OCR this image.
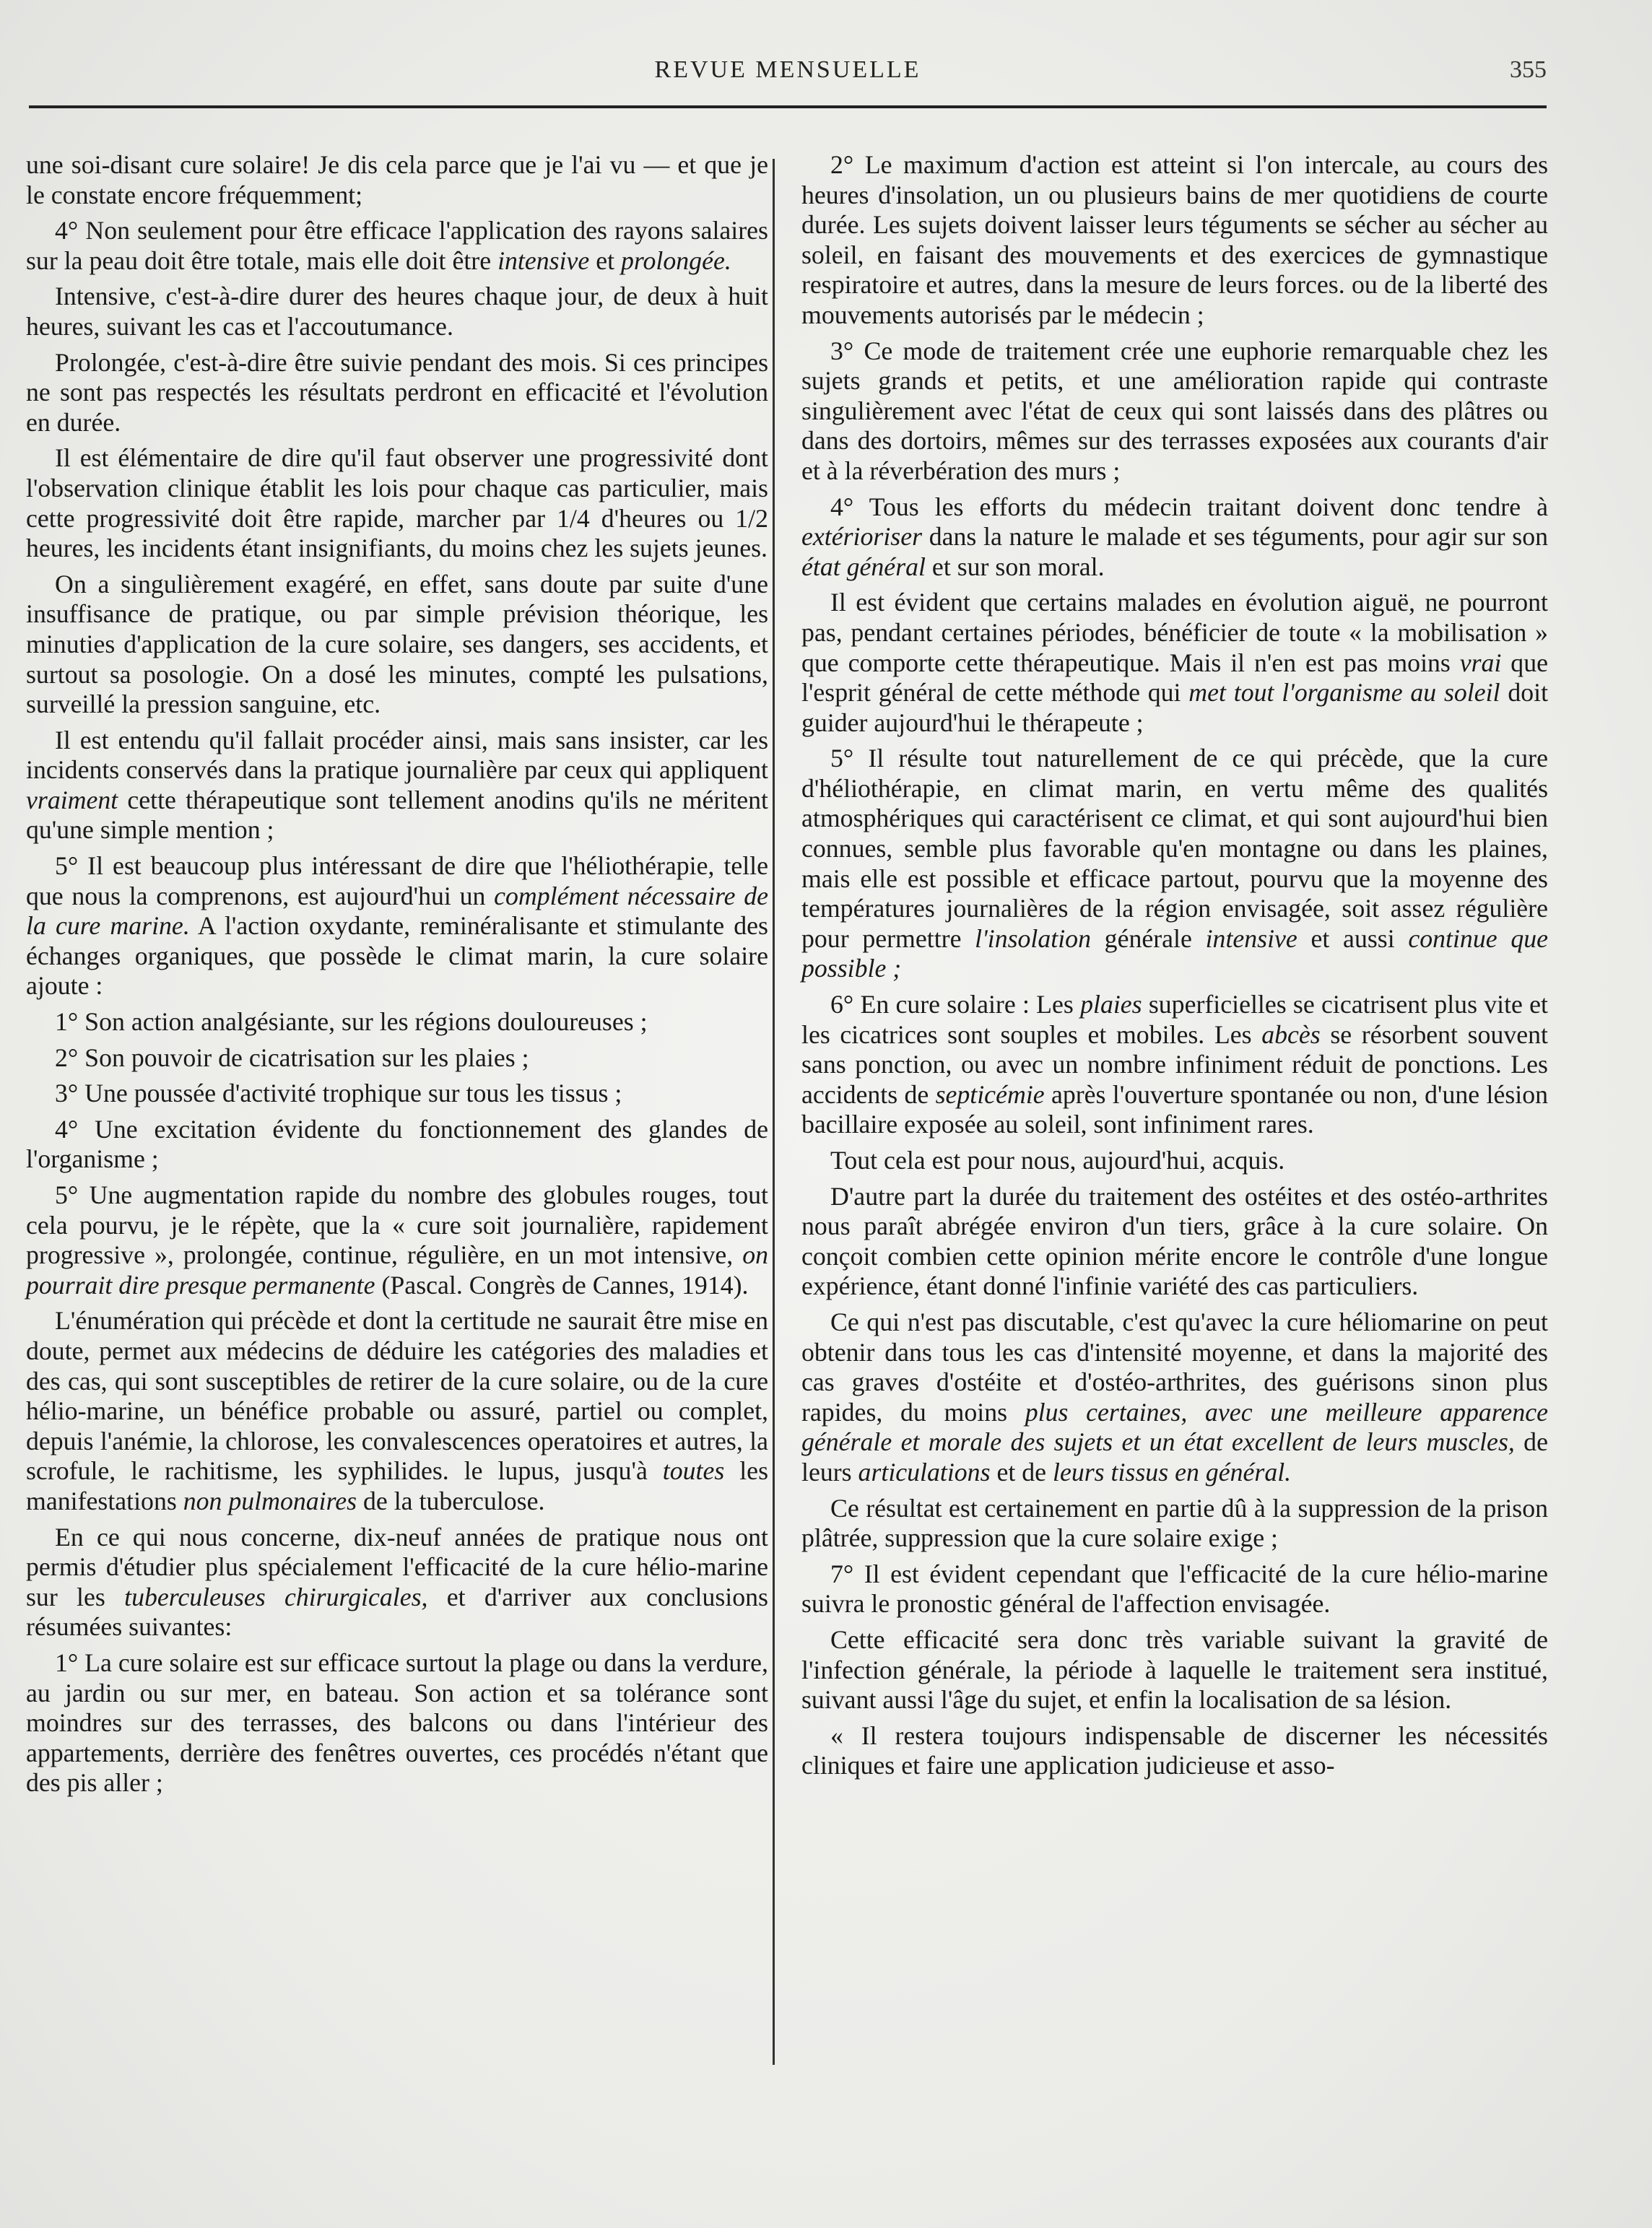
REVUE MENSUELLE	355

une soi-disant cure solaire! Je dis cela parce que je l'ai vu — et que je le constate encore fréquemment;

4° Non seulement pour être efficace l'application des rayons salaires sur la peau doit être totale, mais elle doit être intensive et prolongée.

Intensive, c'est-à-dire durer des heures chaque jour, de deux à huit heures, suivant les cas et l'accoutumance.

Prolongée, c'est-à-dire être suivie pendant des mois. Si ces principes ne sont pas respectés les résultats perdront en efficacité et l'évolution en durée.

Il est élémentaire de dire qu'il faut observer une progressivité dont l'observation clinique établit les lois pour chaque cas particulier, mais cette progressivité doit être rapide, marcher par 1/4 d'heures ou 1/2 heures, les incidents étant insignifiants, du moins chez les sujets jeunes.

On a singulièrement exagéré, en effet, sans doute par suite d'une insuffisance de pratique, ou par simple prévision théorique, les minuties d'application de la cure solaire, ses dangers, ses accidents, et surtout sa posologie. On a dosé les minutes, compté les pulsations, surveillé la pression sanguine, etc.

Il est entendu qu'il fallait procéder ainsi, mais sans insister, car les incidents conservés dans la pratique journalière par ceux qui appliquent vraiment cette thérapeutique sont tellement anodins qu'ils ne méritent qu'une simple mention ;

5° Il est beaucoup plus intéressant de dire que l'héliothérapie, telle que nous la comprenons, est aujourd'hui un complément nécessaire de la cure marine. A l'action oxydante, reminéralisante et stimulante des échanges organiques, que possède le climat marin, la cure solaire ajoute :

1° Son action analgésiante, sur les régions douloureuses ;

2° Son pouvoir de cicatrisation sur les plaies ;

3° Une poussée d'activité trophique sur tous les tissus ;

4° Une excitation évidente du fonctionnement des glandes de l'organisme ;

5° Une augmentation rapide du nombre des globules rouges, tout cela pourvu, je le répète, que la « cure soit journalière, rapidement progressive », prolongée, continue, régulière, en un mot intensive, on pourrait dire presque permanente (Pascal. Congrès de Cannes, 1914).

L'énumération qui précède et dont la certitude ne saurait être mise en doute, permet aux médecins de déduire les catégories des maladies et des cas, qui sont susceptibles de retirer de la cure solaire, ou de la cure hélio-marine, un bénéfice probable ou assuré, partiel ou complet, depuis l'anémie, la chlorose, les convalescences operatoires et autres, la scrofule, le rachitisme, les syphilides. le lupus, jusqu'à toutes les manifestations non pulmonaires de la tuberculose.

En ce qui nous concerne, dix-neuf années de pratique nous ont permis d'étudier plus spécialement l'efficacité de la cure hélio-marine sur les tuberculeuses chirurgicales, et d'arriver aux conclusions résumées suivantes:

1° La cure solaire est sur efficace surtout la plage ou dans la verdure, au jardin ou sur mer, en bateau. Son action et sa tolérance sont moindres sur des terrasses, des balcons ou dans l'intérieur des appartements, derrière des fenêtres ouvertes, ces procédés n'étant que des pis aller ;

2° Le maximum d'action est atteint si l'on intercale, au cours des heures d'insolation, un ou plusieurs bains de mer quotidiens de courte durée. Les sujets doivent laisser leurs téguments se sécher au sécher au soleil, en faisant des mouvements et des exercices de gymnastique respiratoire et autres, dans la mesure de leurs forces. ou de la liberté des mouvements autorisés par le médecin ;

3° Ce mode de traitement crée une euphorie remarquable chez les sujets grands et petits, et une amélioration rapide qui contraste singulièrement avec l'état de ceux qui sont laissés dans des plâtres ou dans des dortoirs, mêmes sur des terrasses exposées aux courants d'air et à la réverbération des murs ;

4° Tous les efforts du médecin traitant doivent donc tendre à extérioriser dans la nature le malade et ses téguments, pour agir sur son état général et sur son moral.

Il est évident que certains malades en évolution aiguë, ne pourront pas, pendant certaines périodes, bénéficier de toute « la mobilisation » que comporte cette thérapeutique. Mais il n'en est pas moins vrai que l'esprit général de cette méthode qui met tout l'organisme au soleil doit guider aujourd'hui le thérapeute ;

5° Il résulte tout naturellement de ce qui précède, que la cure d'héliothérapie, en climat marin, en vertu même des qualités atmosphériques qui caractérisent ce climat, et qui sont aujourd'hui bien connues, semble plus favorable qu'en montagne ou dans les plaines, mais elle est possible et efficace partout, pourvu que la moyenne des températures journalières de la région envisagée, soit assez régulière pour permettre l'insolation générale intensive et aussi continue que possible ;

6° En cure solaire : Les plaies superficielles se cicatrisent plus vite et les cicatrices sont souples et mobiles. Les abcès se résorbent souvent sans ponction, ou avec un nombre infiniment réduit de ponctions. Les accidents de septicémie après l'ouverture spontanée ou non, d'une lésion bacillaire exposée au soleil, sont infiniment rares.

Tout cela est pour nous, aujourd'hui, acquis.

D'autre part la durée du traitement des ostéites et des ostéo-arthrites nous paraît abrégée environ d'un tiers, grâce à la cure solaire. On conçoit combien cette opinion mérite encore le contrôle d'une longue expérience, étant donné l'infinie variété des cas particuliers.

Ce qui n'est pas discutable, c'est qu'avec la cure héliomarine on peut obtenir dans tous les cas d'intensité moyenne, et dans la majorité des cas graves d'ostéite et d'ostéo-arthrites, des guérisons sinon plus rapides, du moins plus certaines, avec une meilleure apparence générale et morale des sujets et un état excellent de leurs muscles, de leurs articulations et de leurs tissus en général.

Ce résultat est certainement en partie dû à la suppression de la prison plâtrée, suppression que la cure solaire exige ;

7° Il est évident cependant que l'efficacité de la cure hélio-marine suivra le pronostic général de l'affection envisagée.

Cette efficacité sera donc très variable suivant la gravité de l'infection générale, la période à laquelle le traitement sera institué, suivant aussi l'âge du sujet, et enfin la localisation de sa lésion.

« Il restera toujours indispensable de discerner les nécessités cliniques et faire une application judicieuse et asso-
